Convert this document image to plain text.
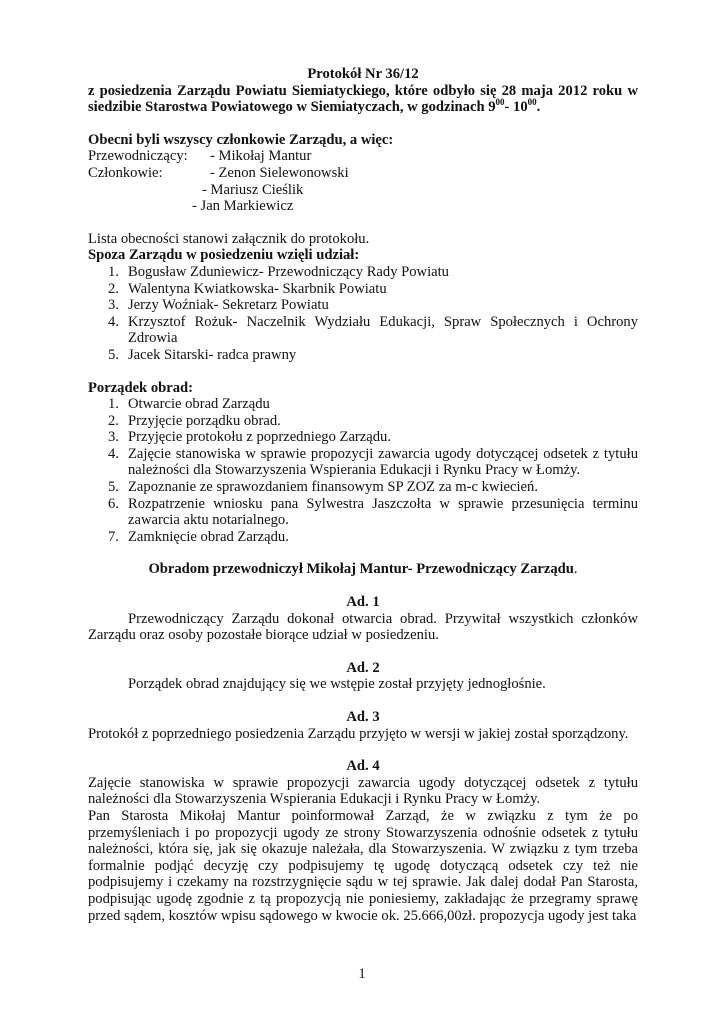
Protokół Nr 36/12

z posiedzenia Zarządu Powiatu Siemiatyckiego, które odbyło się 28 maja 2012 roku w siedzibie Starostwa Powiatowego w Siemiatyczach, w godzinach $9^{00}-$ $10^{00}$.

Obecni byli wszyscy członkowie Zarządu, a więc:

Przewodniczący:	- Mikołaj Mantur
Członkowie:	- Zenon Sielewonowski

- Mariusz Cieślik

- Jan Markiewicz

Lista obecności stanowi załącznik do protokołu.

Spoza Zarządu w posiedzeniu wzięli udział:

1. Bogusław Zduniewicz- Przewodniczący Rady Powiatu
2. Walentyna Kwiatkowska- Skarbnik Powiatu
3. Jerzy Woźniak- Sekretarz Powiatu
4. Krzysztof Rożuk- Naczelnik Wydziału Edukacji, Spraw Społecznych i Ochrony Zdrowia
5. Jacek Sitarski- radca prawny

Porządek obrad:

1. Otwarcie obrad Zarządu
2. Przyjęcie porządku obrad.
3. Przyjęcie protokołu z poprzedniego Zarządu.
4. Zajęcie stanowiska w sprawie propozycji zawarcia ugody dotyczącej odsetek z tytułu należności dla Stowarzyszenia Wspierania Edukacji i Rynku Pracy w Łomży.
5. Zapoznanie ze sprawozdaniem finansowym SP ZOZ za m-c kwiecień.
6. Rozpatrzenie wniosku pana Sylwestra Jaszczołta w sprawie przesunięcia terminu zawarcia aktu notarialnego.
7. Zamknięcie obrad Zarządu.

Obradom przewodniczył Mikołaj Mantur- Przewodniczący Zarządu.

Ad. 1

Przewodniczący Zarządu dokonał otwarcia obrad. Przywitał wszystkich członków Zarządu oraz osoby pozostałe biorące udział w posiedzeniu.

Ad. 2

Porządek obrad znajdujący się we wstępie został przyjęty jednogłośnie.

Ad. 3

Protokół z poprzedniego posiedzenia Zarządu przyjęto w wersji w jakiej został sporządzony.

Ad. 4

Zajęcie stanowiska w sprawie propozycji zawarcia ugody dotyczącej odsetek z tytułu należności dla Stowarzyszenia Wspierania Edukacji i Rynku Pracy w Łomży.

Pan Starosta Mikołaj Mantur poinformował Zarząd, że w związku z tym że po przemyśleniach i po propozycji ugody ze strony Stowarzyszenia odnośnie odsetek z tytułu należności, która się, jak się okazuje należała, dla Stowarzyszenia. W związku z tym trzeba formalnie podjąć decyzję czy podpisujemy tę ugodę dotyczącą odsetek czy też nie podpisujemy i czekamy na rozstrzygnięcie sądu w tej sprawie. Jak dalej dodał Pan Starosta, podpisując ugodę zgodnie z tą propozycją nie poniesiemy, zakładając że przegramy sprawę przed sądem, kosztów wpisu sądowego w kwocie ok. 25.666,00zł. propozycja ugody jest taka

1
